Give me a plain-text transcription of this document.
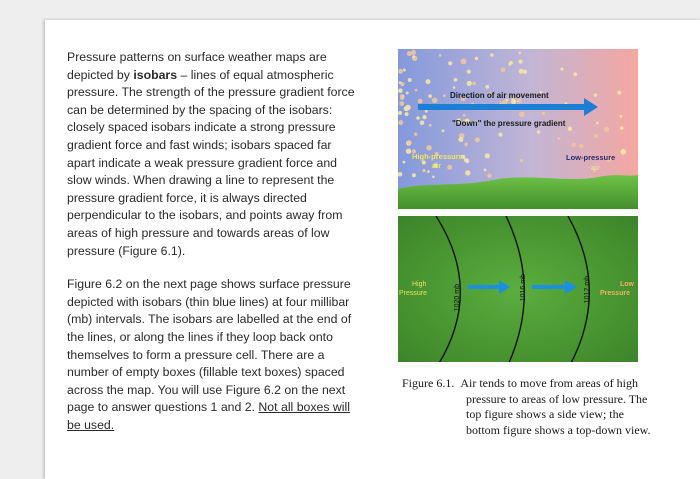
Pressure patterns on surface weather maps are depicted by isobars – lines of equal atmospheric pressure. The strength of the pressure gradient force can be determined by the spacing of the isobars: closely spaced isobars indicate a strong pressure gradient force and fast winds; isobars spaced far apart indicate a weak pressure gradient force and slow winds. When drawing a line to represent the pressure gradient force, it is always directed perpendicular to the isobars, and points away from areas of high pressure and towards areas of low pressure (Figure 6.1).

Figure 6.2 on the next page shows surface pressure depicted with isobars (thin blue lines) at four millibar (mb) intervals. The isobars are labelled at the end of the lines, or along the lines if they loop back onto themselves to form a pressure cell. There are a number of empty boxes (fillable text boxes) spaced across the map. You will use Figure 6.2 on the next page to answer questions 1 and 2. Not all boxes will be used.

Direction of air movement
"Down" the pressure gradient
High-pressure
air
Low-pressure
air
1020 mb	1016 mb	1012 mb
High
Pressure
Low
Pressure
Figure 6.1. Air tends to move from areas of high pressure to areas of low pressure. The top figure shows a side view; the bottom figure shows a top-down view.
